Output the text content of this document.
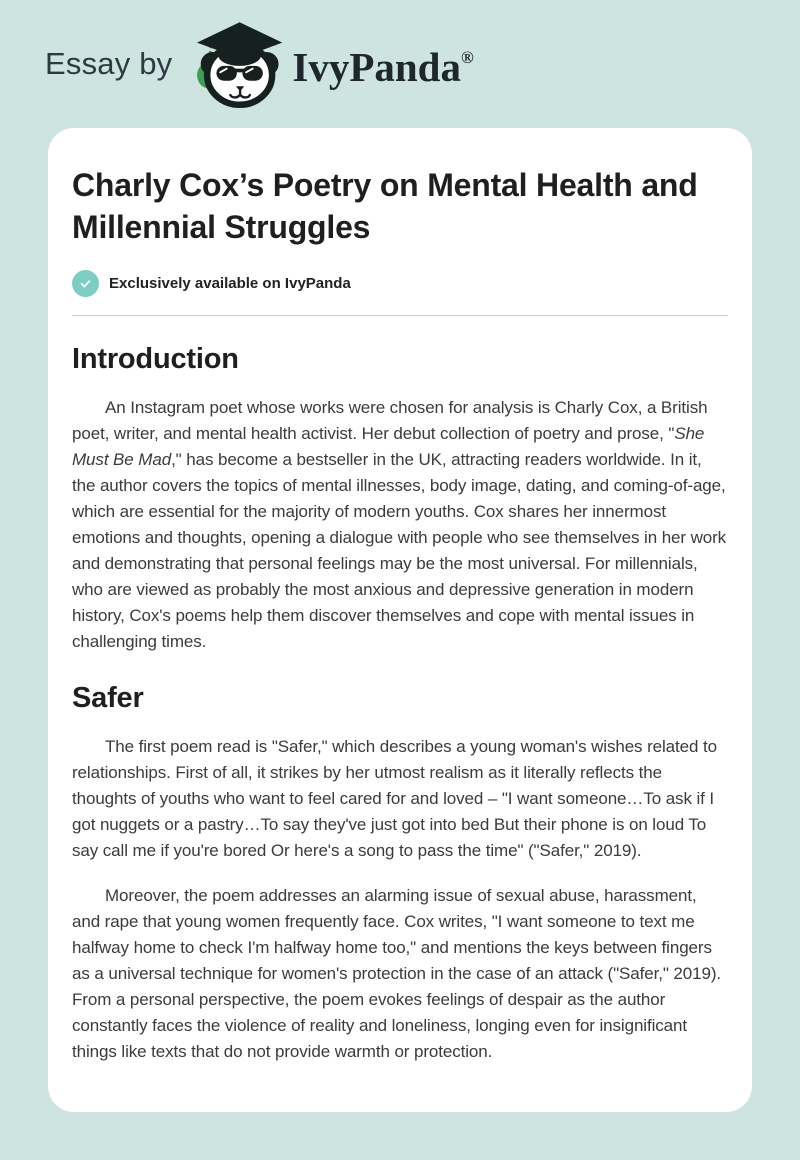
Essay by	IvyPanda ®
Charly Cox’s Poetry on Mental Health and Millennial Struggles
Exclusively available on IvyPanda
Introduction

An Instagram poet whose works were chosen for analysis is Charly Cox, a British poet, writer, and mental health activist. Her debut collection of poetry and prose, "She Must Be Mad," has become a bestseller in the UK, attracting readers worldwide. In it, the author covers the topics of mental illnesses, body image, dating, and coming-of-age, which are essential for the majority of modern youths. Cox shares her innermost emotions and thoughts, opening a dialogue with people who see themselves in her work and demonstrating that personal feelings may be the most universal. For millennials, who are viewed as probably the most anxious and depressive generation in modern history, Cox's poems help them discover themselves and cope with mental issues in challenging times.

Safer

The first poem read is "Safer," which describes a young woman's wishes related to relationships. First of all, it strikes by her utmost realism as it literally reflects the thoughts of youths who want to feel cared for and loved – "I want someone…To ask if I got nuggets or a pastry…To say they've just got into bed But their phone is on loud To say call me if you're bored Or here's a song to pass the time" ("Safer," 2019).

Moreover, the poem addresses an alarming issue of sexual abuse, harassment, and rape that young women frequently face. Cox writes, "I want someone to text me halfway home to check I'm halfway home too," and mentions the keys between fingers as a universal technique for women's protection in the case of an attack ("Safer," 2019). From a personal perspective, the poem evokes feelings of despair as the author constantly faces the violence of reality and loneliness, longing even for insignificant things like texts that do not provide warmth or protection.
